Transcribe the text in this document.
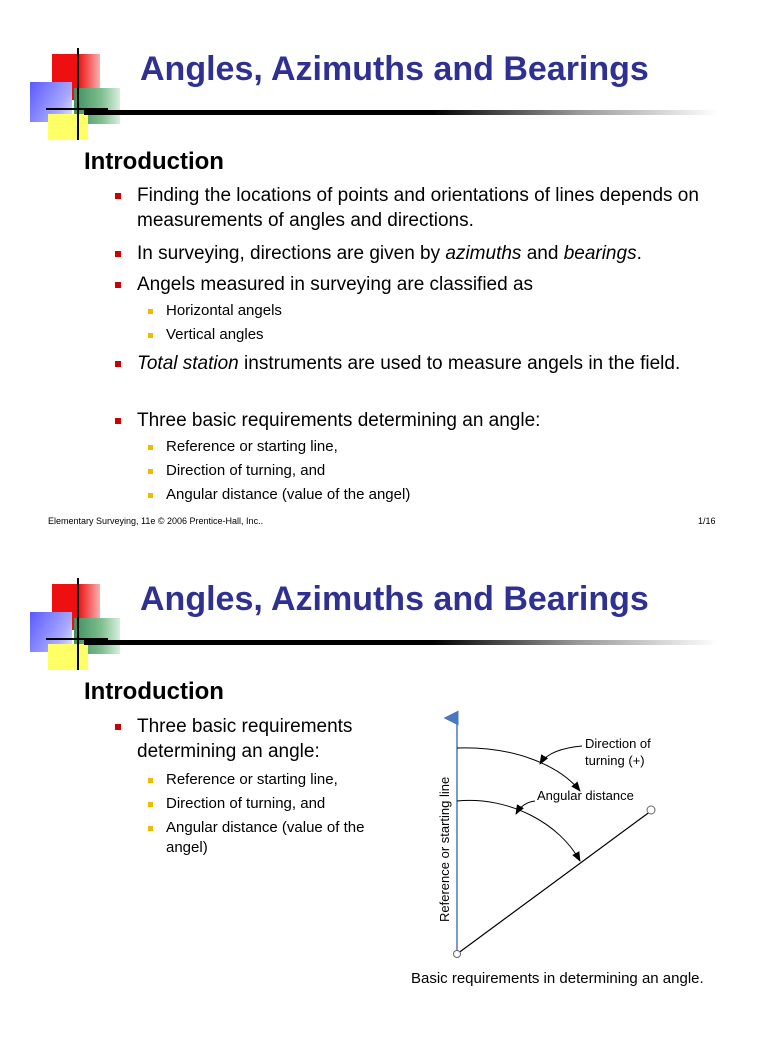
Angles, Azimuths and Bearings
Introduction
Finding the locations of points and orientations of lines depends on measurements of angles and directions.
In surveying, directions are given by azimuths and bearings.
Angels measured in surveying are classified as
Horizontal angels
Vertical angles
Total station instruments are used to measure angels in the field.
Three basic requirements determining an angle:
Reference or starting line,
Direction of turning, and
Angular distance (value of the angel)
Elementary Surveying, 11e © 2006 Prentice-Hall, Inc..	1/16
Angles, Azimuths and Bearings
Introduction
Three basic requirements determining an angle:
Reference or starting line,
Direction of turning, and
Angular distance (value of the angel)
Direction of
turning (+)
Angular distance
Reference or starting line
Basic requirements in determining an angle.
